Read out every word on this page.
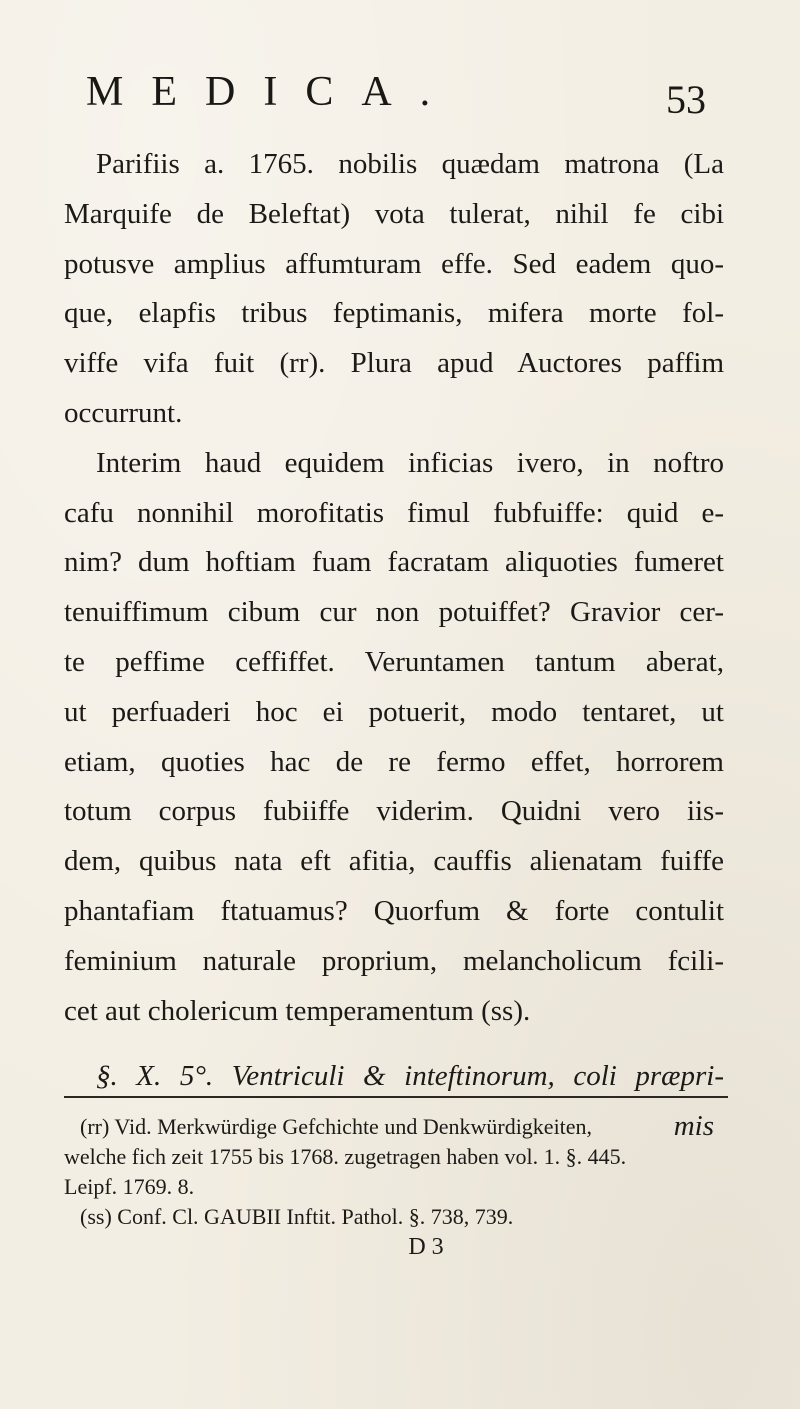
MEDICA.	53
Parifiis a. 1765. nobilis quædam matrona (La
Marquife de Beleftat) vota tulerat, nihil fe cibi
potusve amplius affumturam effe. Sed eadem quo-
que, elapfis tribus feptimanis, mifera morte fol-
viffe vifa fuit (rr). Plura apud Auctores paffim
occurrunt.
Interim haud equidem inficias ivero, in noftro
cafu nonnihil morofitatis fimul fubfuiffe: quid e-
nim? dum hoftiam fuam facratam aliquoties fumeret
tenuiffimum cibum cur non potuiffet? Gravior cer-
te peffime ceffiffet. Veruntamen tantum aberat,
ut perfuaderi hoc ei potuerit, modo tentaret, ut
etiam, quoties hac de re fermo effet, horrorem
totum corpus fubiiffe viderim. Quidni vero iis-
dem, quibus nata eft afitia, cauffis alienatam fuiffe
phantafiam ftatuamus? Quorfum & forte contulit
feminium naturale proprium, melancholicum fcili-
cet aut cholericum temperamentum (ss).
§. X. 5°. Ventriculi & inteftinorum, coli præpri-
mis
(rr) Vid. Merkwürdige Gefchichte und Denkwürdigkeiten,
welche fich zeit 1755 bis 1768. zugetragen haben vol. 1. §. 445.
Leipf. 1769. 8.
(ss) Conf. Cl. GAUBII Inftit. Pathol. §. 738, 739.
D 3
